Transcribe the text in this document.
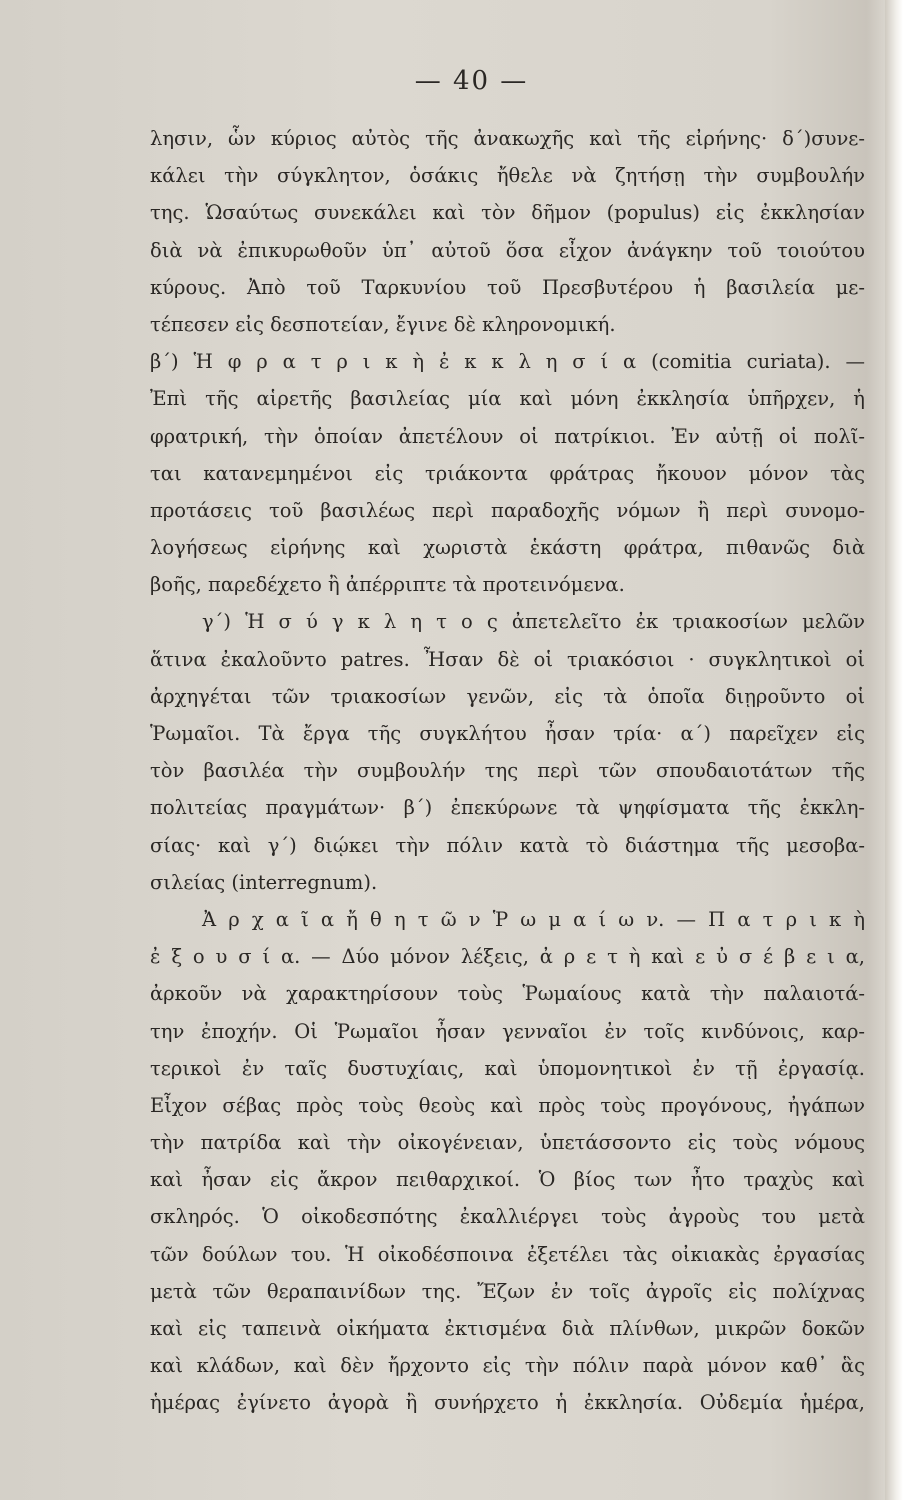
— 40 —
λησιν, ὧν κύριος αὐτὸς τῆς ἀνακωχῆς καὶ τῆς εἰρήνης· δ΄)συνε-
κάλει τὴν σύγκλητον, ὁσάκις ἤθελε νὰ ζητήσῃ τὴν συμβουλήν
της. Ὡσαύτως συνεκάλει καὶ τὸν δῆμον (populus) εἰς ἐκκλησίαν
διὰ νὰ ἐπικυρωθοῦν ὑπ᾽ αὐτοῦ ὅσα εἶχον ἀνάγκην τοῦ τοιούτου
κύρους. Ἀπὸ τοῦ Ταρκυνίου τοῦ Πρεσβυτέρου ἡ βασιλεία με-
τέπεσεν εἰς δεσποτείαν, ἔγινε δὲ κληρονομική.
β΄) Ἡ φ ρ α τ ρ ι κ ὴ ἐ κ κ λ η σ ί α (comitia curiata). —
Ἐπὶ τῆς αἱρετῆς βασιλείας μία καὶ μόνη ἐκκλησία ὑπῆρχεν, ἡ
φρατρική, τὴν ὁποίαν ἀπετέλουν οἱ πατρίκιοι. Ἐν αὐτῇ οἱ πολῖ-
ται κατανεμημένοι εἰς τριάκοντα φράτρας ἤκουον μόνον τὰς
προτάσεις τοῦ βασιλέως περὶ παραδοχῆς νόμων ἢ περὶ συνομο-
λογήσεως εἰρήνης καὶ χωριστὰ ἑκάστη φράτρα, πιθανῶς διὰ
βοῆς, παρεδέχετο ἢ ἀπέρριπτε τὰ προτεινόμενα.
γ΄) Ἡ σ ύ γ κ λ η τ ο ς ἀπετελεῖτο ἐκ τριακοσίων μελῶν
ἅτινα ἐκαλοῦντο patres. Ἦσαν δὲ οἱ τριακόσιοι · συγκλητικοὶ οἱ
ἀρχηγέται τῶν τριακοσίων γενῶν, εἰς τὰ ὁποῖα διῃροῦντο οἱ
Ῥωμαῖοι. Τὰ ἔργα τῆς συγκλήτου ἦσαν τρία· α΄) παρεῖχεν εἰς
τὸν βασιλέα τὴν συμβουλήν της περὶ τῶν σπουδαιοτάτων τῆς
πολιτείας πραγμάτων· β΄) ἐπεκύρωνε τὰ ψηφίσματα τῆς ἐκκλη-
σίας· καὶ γ΄) διῴκει τὴν πόλιν κατὰ τὸ διάστημα τῆς μεσοβα-
σιλείας (interregnum).
Ἀ ρ χ α ῖ α ἤ θ η τ ῶ ν Ῥ ω μ α ί ω ν. — Π α τ ρ ι κ ὴ
ἐ ξ ο υ σ ί α. — Δύο μόνον λέξεις, ἀ ρ ε τ ὴ καὶ ε ὐ σ έ β ε ι α,
ἀρκοῦν νὰ χαρακτηρίσουν τοὺς Ῥωμαίους κατὰ τὴν παλαιοτά-
την ἐποχήν. Οἱ Ῥωμαῖοι ἦσαν γενναῖοι ἐν τοῖς κινδύνοις, καρ-
τερικοὶ ἐν ταῖς δυστυχίαις, καὶ ὑπομονητικοὶ ἐν τῇ ἐργασίᾳ.
Εἶχον σέβας πρὸς τοὺς θεοὺς καὶ πρὸς τοὺς προγόνους, ἠγάπων
τὴν πατρίδα καὶ τὴν οἰκογένειαν, ὑπετάσσοντο εἰς τοὺς νόμους
καὶ ἦσαν εἰς ἄκρον πειθαρχικοί. Ὁ βίος των ἦτο τραχὺς καὶ
σκληρός. Ὁ οἰκοδεσπότης ἐκαλλιέργει τοὺς ἀγροὺς του μετὰ
τῶν δούλων του. Ἡ οἰκοδέσποινα ἐξετέλει τὰς οἰκιακὰς ἐργασίας
μετὰ τῶν θεραπαινίδων της. Ἔζων ἐν τοῖς ἀγροῖς εἰς πολίχνας
καὶ εἰς ταπεινὰ οἰκήματα ἐκτισμένα διὰ πλίνθων, μικρῶν δοκῶν
καὶ κλάδων, καὶ δὲν ἤρχοντο εἰς τὴν πόλιν παρὰ μόνον καθ᾽ ἃς
ἡμέρας ἐγίνετο ἀγορὰ ἢ συνήρχετο ἡ ἐκκλησία. Οὐδεμία ἡμέρα,
